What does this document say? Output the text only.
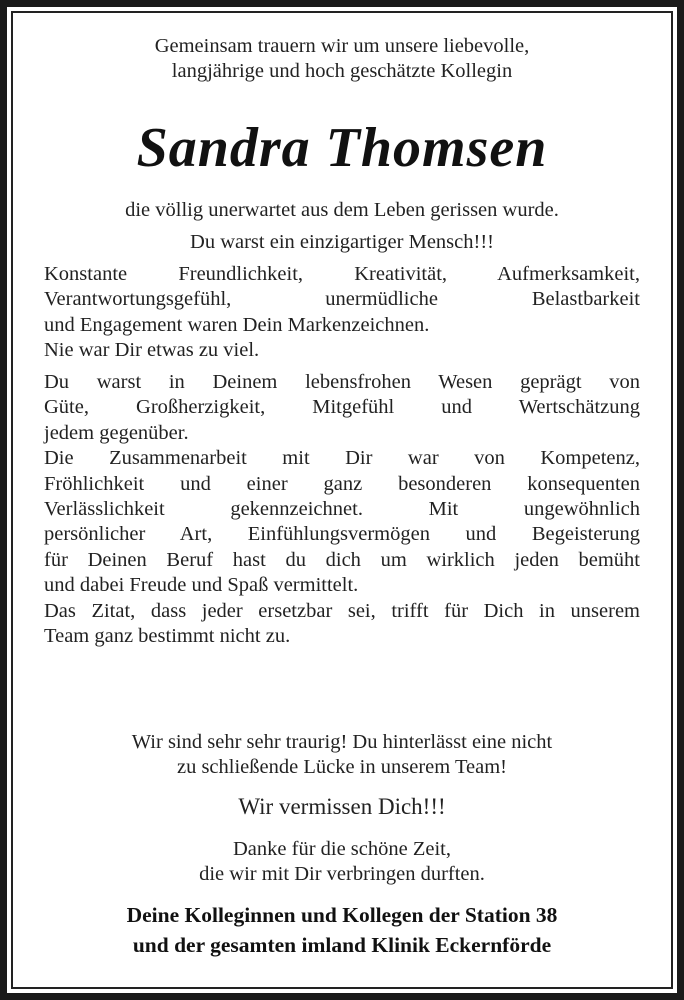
Gemeinsam trauern wir um unsere liebevolle,
langjährige und hoch geschätzte Kollegin
Sandra Thomsen
die völlig unerwartet aus dem Leben gerissen wurde.
Du warst ein einzigartiger Mensch!!!
Konstante Freundlichkeit, Kreativität, Aufmerksamkeit,
Verantwortungsgefühl, unermüdliche Belastbarkeit
und Engagement waren Dein Markenzeichnen.
Nie war Dir etwas zu viel.
Du warst in Deinem lebensfrohen Wesen geprägt von
Güte, Großherzigkeit, Mitgefühl und Wertschätzung
jedem gegenüber.
Die Zusammenarbeit mit Dir war von Kompetenz,
Fröhlichkeit und einer ganz besonderen konsequenten
Verlässlichkeit gekennzeichnet. Mit ungewöhnlich
persönlicher Art, Einfühlungsvermögen und Begeisterung
für Deinen Beruf hast du dich um wirklich jeden bemüht
und dabei Freude und Spaß vermittelt.
Das Zitat, dass jeder ersetzbar sei, trifft für Dich in unserem
Team ganz bestimmt nicht zu.
Wir sind sehr sehr traurig! Du hinterlässt eine nicht
zu schließende Lücke in unserem Team!
Wir vermissen Dich!!!
Danke für die schöne Zeit,
die wir mit Dir verbringen durften.
Deine Kolleginnen und Kollegen der Station 38
und der gesamten imland Klinik Eckernförde
